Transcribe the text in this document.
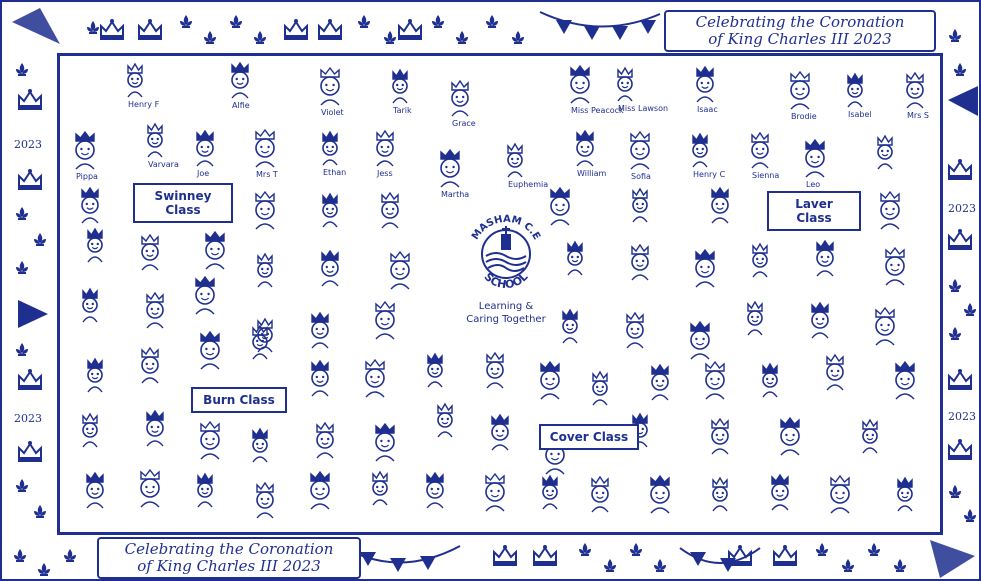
2023
2023
2023
2023
Celebrating the Coronation
of King Charles III 2023
Henry F	Alfie
Violet	Tarik
Grace
Miss Peacock
Miss Lawson	Isaac
Brodie	Isabel	Mrs S
Pippa
Varvara
Joe	Mrs T	Ethan	Jess
Martha
Euphemia
William	Sofia	Henry C	Sienna
Leo
Swinney Class	Laver Class
Burn Class
Cover Class
MASHAM C.E
SCHOOL
Learning &
Caring Together
Celebrating the Coronation
of King Charles III 2023
